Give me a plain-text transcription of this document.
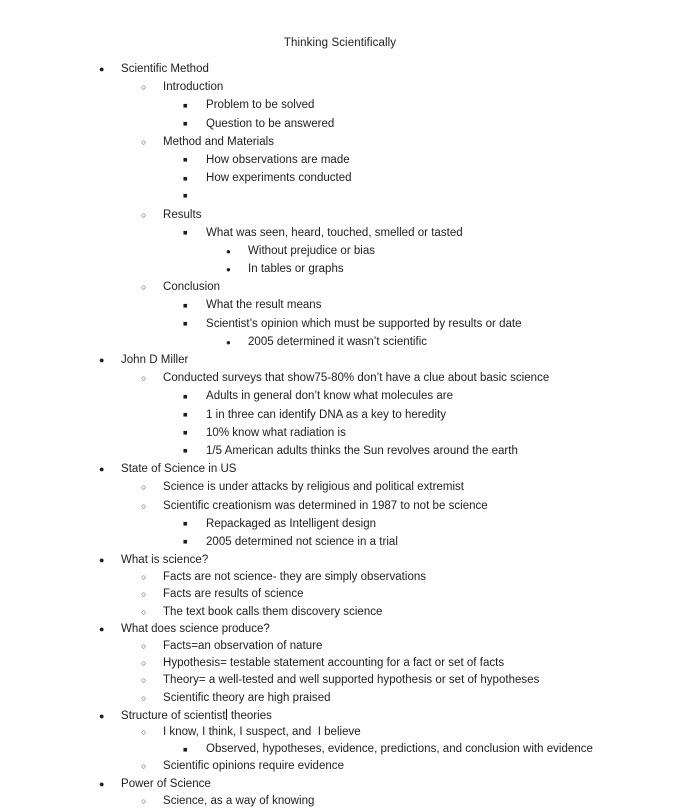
Thinking Scientifically
●	Scientific Method
○	Introduction
■	Problem to be solved
■	Question to be answered
○	Method and Materials
■	How observations are made
■	How experiments conducted
■
○	Results
■	What was seen, heard, touched, smelled or tasted
●	Without prejudice or bias
●	In tables or graphs
○	Conclusion
■	What the result means
■	Scientist’s opinion which must be supported by results or date
●	2005 determined it wasn’t scientific
●	John D Miller
○	Conducted surveys that show75-80% don’t have a clue about basic science
■	Adults in general don’t know what molecules are
■	1 in three can identify DNA as a key to heredity
■	10% know what radiation is
■	1/5 American adults thinks the Sun revolves around the earth
●	State of Science in US
○	Science is under attacks by religious and political extremist
○	Scientific creationism was determined in 1987 to not be science
■	Repackaged as Intelligent design
■	2005 determined not science in a trial
●	What is science?
○	Facts are not science- they are simply observations
○	Facts are results of science
○	The text book calls them discovery science
●	What does science produce?
○	Facts=an observation of nature
○	Hypothesis= testable statement accounting for a fact or set of facts
○	Theory= a well-tested and well supported hypothesis or set of hypotheses
○	Scientific theory are high praised
●	Structure of scientist theories
○	I know, I think, I suspect, and  I believe
■	Observed, hypotheses, evidence, predictions, and conclusion with evidence
○	Scientific opinions require evidence
●	Power of Science
○	Science, as a way of knowing
